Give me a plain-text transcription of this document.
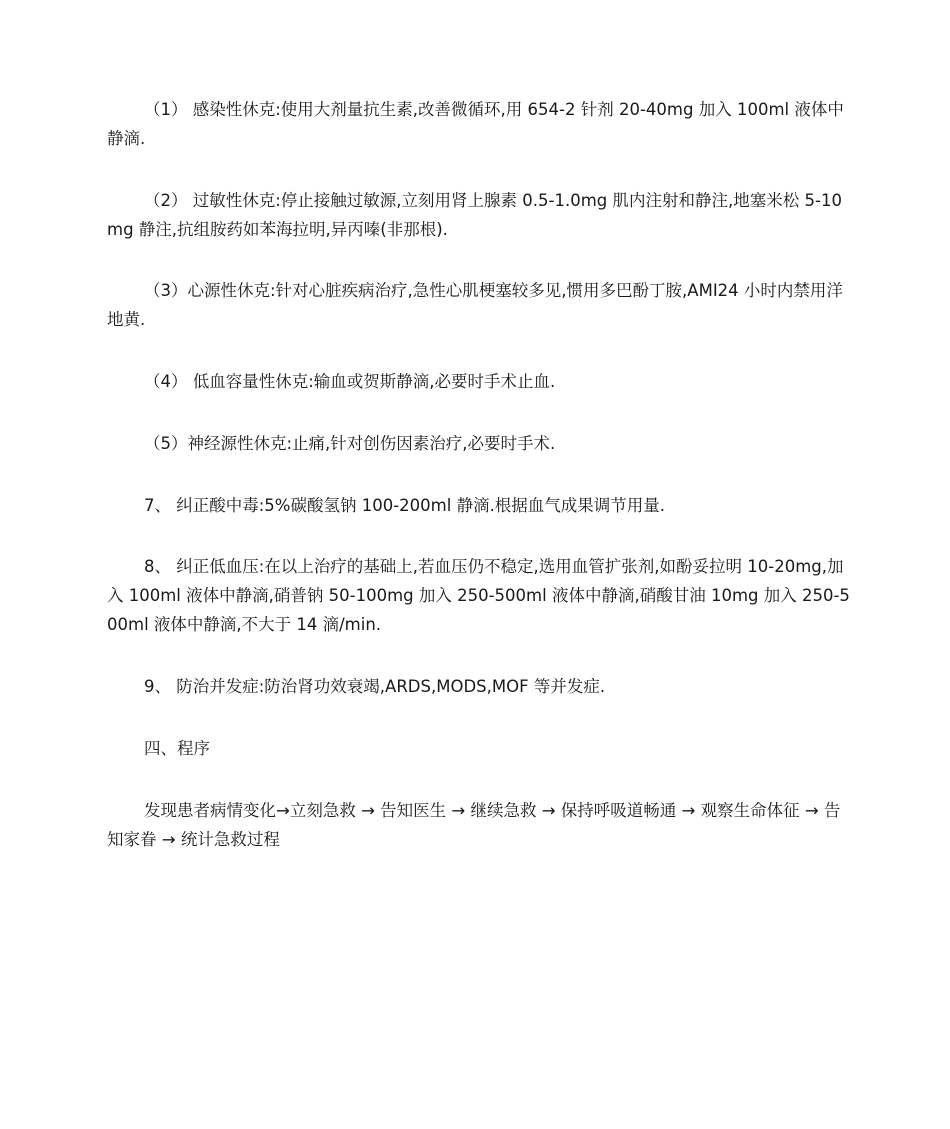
（1） 感染性休克:使用大剂量抗生素,改善微循环,用 654-2 针剂 20-40mg 加入 100ml 液体中静滴.

（2） 过敏性休克:停止接触过敏源,立刻用肾上腺素 0.5-1.0mg 肌内注射和静注,地塞米松 5-10mg 静注,抗组胺药如苯海拉明,异丙嗪(非那根).

（3）心源性休克:针对心脏疾病治疗,急性心肌梗塞较多见,惯用多巴酚丁胺,AMI24 小时内禁用洋地黄.

（4） 低血容量性休克:输血或贺斯静滴,必要时手术止血.

（5）神经源性休克:止痛,针对创伤因素治疗,必要时手术.

7、 纠正酸中毒:5%碳酸氢钠 100-200ml 静滴.根据血气成果调节用量.

8、 纠正低血压:在以上治疗的基础上,若血压仍不稳定,选用血管扩张剂,如酚妥拉明 10-20mg,加入 100ml 液体中静滴,硝普钠 50-100mg 加入 250-500ml 液体中静滴,硝酸甘油 10mg 加入 250-500ml 液体中静滴,不大于 14 滴/min.

9、 防治并发症:防治肾功效衰竭,ARDS,MODS,MOF 等并发症.

四、程序

发现患者病情变化→立刻急救 → 告知医生 → 继续急救 → 保持呼吸道畅通 → 观察生命体征 → 告知家眷 → 统计急救过程
